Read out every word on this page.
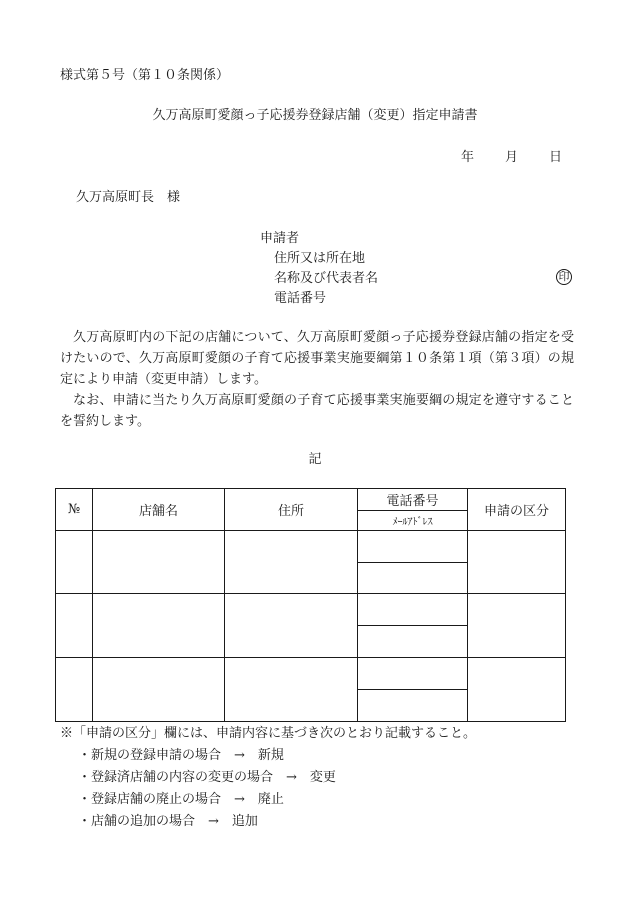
様式第５号（第１０条関係）
久万高原町愛顔っ子応援券登録店舗（変更）指定申請書
年 月 日
久万高原町長　様
申請者
住所又は所在地
名称及び代表者名	印
電話番号
久万高原町内の下記の店舗について、久万高原町愛顔っ子応援券登録店舗の指定を受けたいので、久万高原町愛顔の子育て応援事業実施要綱第１０条第１項（第３項）の規定により申請（変更申請）します。
なお、申請に当たり久万高原町愛顔の子育て応援事業実施要綱の規定を遵守することを誓約します。
記
№	店舗名	住所	電話番号	申請の区分
			ﾒｰﾙｱﾄﾞﾚｽ	

※「申請の区分」欄には、申請内容に基づき次のとおり記載すること。
・新規の登録申請の場合　→　新規
・登録済店舗の内容の変更の場合　→　変更
・登録店舗の廃止の場合　→　廃止
・店舗の追加の場合　→　追加
